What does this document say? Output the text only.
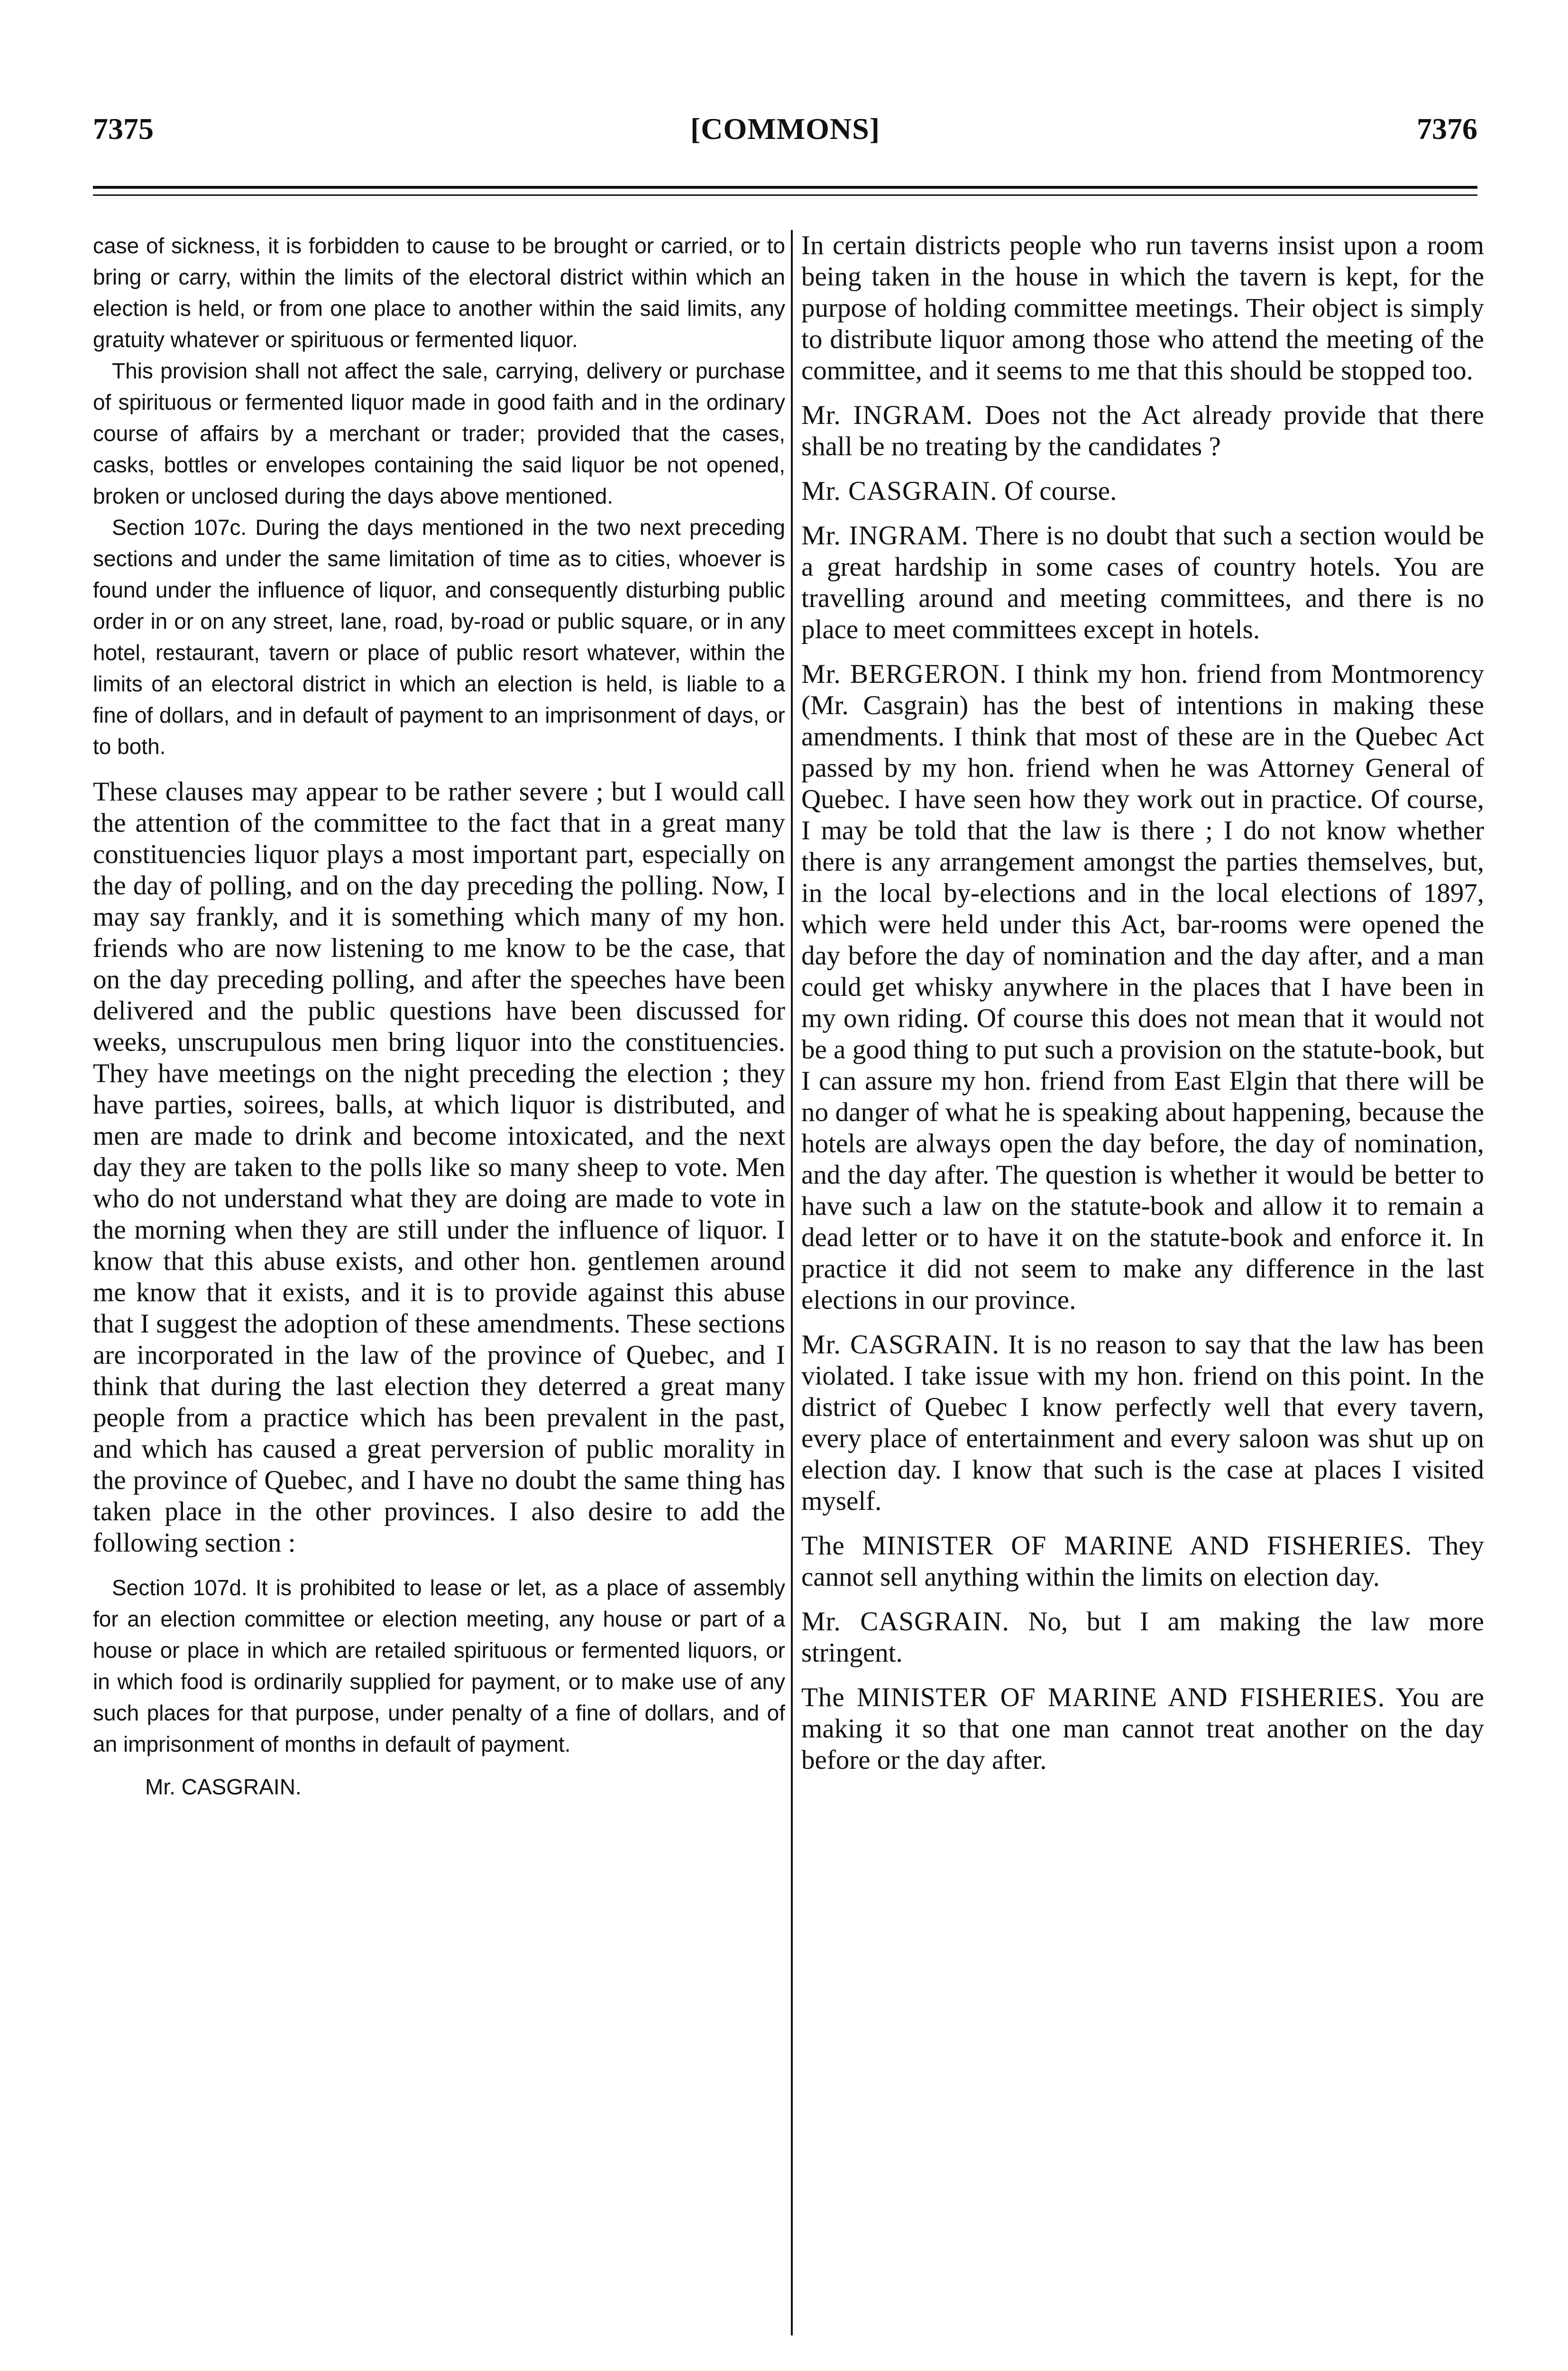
7375	[COMMONS]	7376

case of sickness, it is forbidden to cause to be brought or carried, or to bring or carry, within the limits of the electoral district within which an election is held, or from one place to another within the said limits, any gratuity whatever or spirituous or fermented liquor.

This provision shall not affect the sale, carrying, delivery or purchase of spirituous or fermented liquor made in good faith and in the ordinary course of affairs by a merchant or trader; provided that the cases, casks, bottles or envelopes containing the said liquor be not opened, broken or unclosed during the days above mentioned.

Section 107c. During the days mentioned in the two next preceding sections and under the same limitation of time as to cities, whoever is found under the influence of liquor, and consequently disturbing public order in or on any street, lane, road, by-road or public square, or in any hotel, restaurant, tavern or place of public resort whatever, within the limits of an electoral district in which an election is held, is liable to a fine of dollars, and in default of payment to an imprisonment of days, or to both.

These clauses may appear to be rather severe ; but I would call the attention of the committee to the fact that in a great many constituencies liquor plays a most important part, especially on the day of polling, and on the day preceding the polling. Now, I may say frankly, and it is something which many of my hon. friends who are now listening to me know to be the case, that on the day preceding polling, and after the speeches have been delivered and the public questions have been discussed for weeks, unscrupulous men bring liquor into the constituencies. They have meetings on the night preceding the election ; they have parties, soirees, balls, at which liquor is distributed, and men are made to drink and become intoxicated, and the next day they are taken to the polls like so many sheep to vote. Men who do not understand what they are doing are made to vote in the morning when they are still under the influence of liquor. I know that this abuse exists, and other hon. gentlemen around me know that it exists, and it is to provide against this abuse that I suggest the adoption of these amendments. These sections are incorporated in the law of the province of Quebec, and I think that during the last election they deterred a great many people from a practice which has been prevalent in the past, and which has caused a great perversion of public morality in the province of Quebec, and I have no doubt the same thing has taken place in the other provinces. I also desire to add the following section :

Section 107d. It is prohibited to lease or let, as a place of assembly for an election committee or election meeting, any house or part of a house or place in which are retailed spirituous or fermented liquors, or in which food is ordinarily supplied for payment, or to make use of any such places for that purpose, under penalty of a fine of dollars, and of an imprisonment of months in default of payment.

Mr. CASGRAIN.

In certain districts people who run taverns insist upon a room being taken in the house in which the tavern is kept, for the purpose of holding committee meetings. Their object is simply to distribute liquor among those who attend the meeting of the committee, and it seems to me that this should be stopped too.

Mr. INGRAM. Does not the Act already provide that there shall be no treating by the candidates ?

Mr. CASGRAIN. Of course.

Mr. INGRAM. There is no doubt that such a section would be a great hardship in some cases of country hotels. You are travelling around and meeting committees, and there is no place to meet committees except in hotels.

Mr. BERGERON. I think my hon. friend from Montmorency (Mr. Casgrain) has the best of intentions in making these amendments. I think that most of these are in the Quebec Act passed by my hon. friend when he was Attorney General of Quebec. I have seen how they work out in practice. Of course, I may be told that the law is there ; I do not know whether there is any arrangement amongst the parties themselves, but, in the local by-elections and in the local elections of 1897, which were held under this Act, bar-rooms were opened the day before the day of nomination and the day after, and a man could get whisky anywhere in the places that I have been in my own riding. Of course this does not mean that it would not be a good thing to put such a provision on the statute-book, but I can assure my hon. friend from East Elgin that there will be no danger of what he is speaking about happening, because the hotels are always open the day before, the day of nomination, and the day after. The question is whether it would be better to have such a law on the statute-book and allow it to remain a dead letter or to have it on the statute-book and enforce it. In practice it did not seem to make any difference in the last elections in our province.

Mr. CASGRAIN. It is no reason to say that the law has been violated. I take issue with my hon. friend on this point. In the district of Quebec I know perfectly well that every tavern, every place of entertainment and every saloon was shut up on election day. I know that such is the case at places I visited myself.

The MINISTER OF MARINE AND FISHERIES. They cannot sell anything within the limits on election day.

Mr. CASGRAIN. No, but I am making the law more stringent.

The MINISTER OF MARINE AND FISHERIES. You are making it so that one man cannot treat another on the day before or the day after.
